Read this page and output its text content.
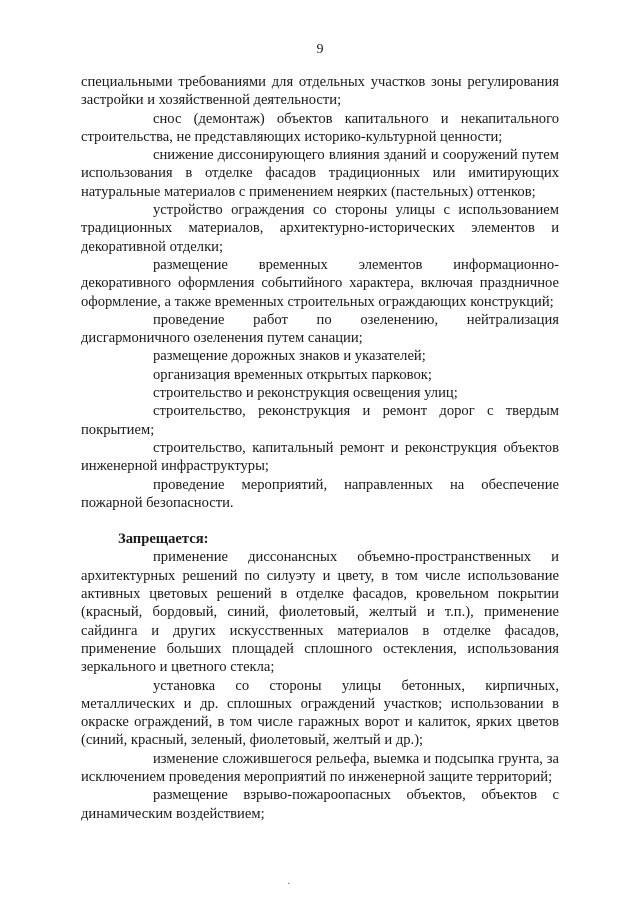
9

специальными требованиями для отдельных участков зоны регулирования застройки и хозяйственной деятельности;

снос (демонтаж) объектов капитального и некапитального строительства, не представляющих историко-культурной ценности;

снижение диссонирующего влияния зданий и сооружений путем использования в отделке фасадов традиционных или имитирующих натуральные материалов с применением неярких (пастельных) оттенков;

устройство ограждения со стороны улицы с использованием традиционных материалов, архитектурно-исторических элементов и декоративной отделки;

размещение временных элементов информационно-декоративного оформления событийного характера, включая праздничное оформление, а также временных строительных ограждающих конструкций;

проведение работ по озеленению, нейтрализация дисгармоничного озеленения путем санации;

размещение дорожных знаков и указателей;

организация временных открытых парковок;

строительство и реконструкция освещения улиц;

строительство, реконструкция и ремонт дорог с твердым покрытием;

строительство, капитальный ремонт и реконструкция объектов инженерной инфраструктуры;

проведение мероприятий, направленных на обеспечение пожарной безопасности.

Запрещается:

применение диссонансных объемно-пространственных и архитектурных решений по силуэту и цвету, в том числе использование активных цветовых решений в отделке фасадов, кровельном покрытии (красный, бордовый, синий, фиолетовый, желтый и т.п.), применение сайдинга и других искусственных материалов в отделке фасадов, применение больших площадей сплошного остекления, использования зеркального и цветного стекла;

установка со стороны улицы бетонных, кирпичных, металлических и др. сплошных ограждений участков; использовании в окраске ограждений, в том числе гаражных ворот и калиток, ярких цветов (синий, красный, зеленый, фиолетовый, желтый и др.);

изменение сложившегося рельефа, выемка и подсыпка грунта, за исключением проведения мероприятий по инженерной защите территорий;

размещение взрыво-пожароопасных объектов, объектов с динамическим воздействием;

·
